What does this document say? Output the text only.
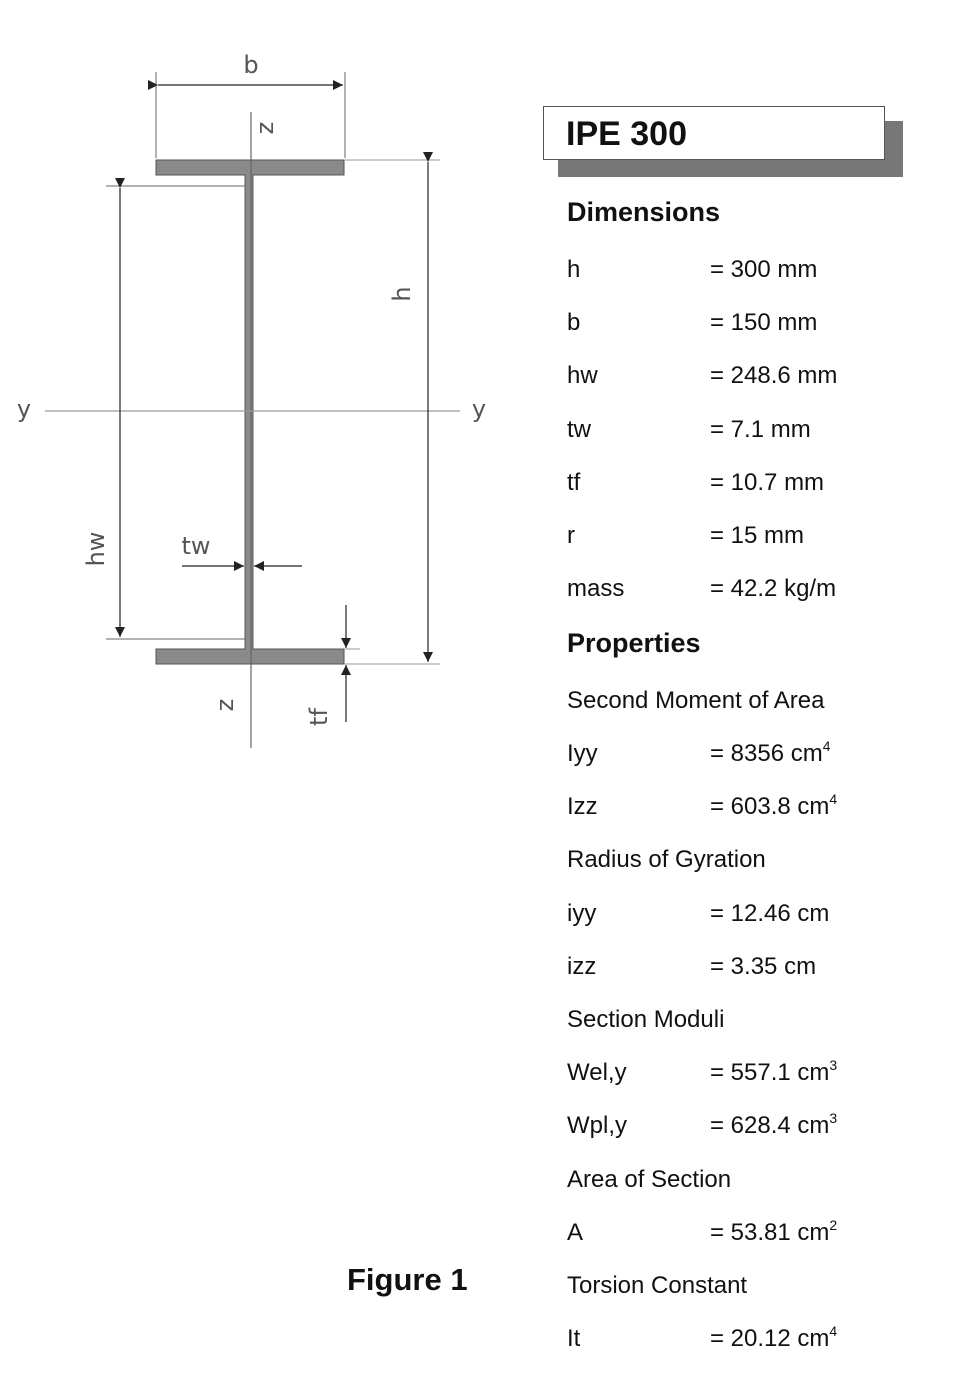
b
z
h
y	y
hw	tw
z
tf
IPE 300
Dimensions
h	= 300 mm
b	= 150 mm
hw	= 248.6 mm
tw	= 7.1 mm
tf	= 10.7 mm
r	= 15 mm
mass	= 42.2 kg/m
Properties
Second Moment of Area
Iyy	= 8356 $cm^4$
Izz	= 603.8 $cm^4$
Radius of Gyration
iyy	= 12.46 cm
izz	= 3.35 cm
Section Moduli
Wel,y	= 557.1 $cm^3$
Wpl,y	= 628.4 $cm^3$
Area of Section
A	= 53.81 $cm^2$
Torsion Constant
It	= 20.12 $cm^4$
Figure 1
